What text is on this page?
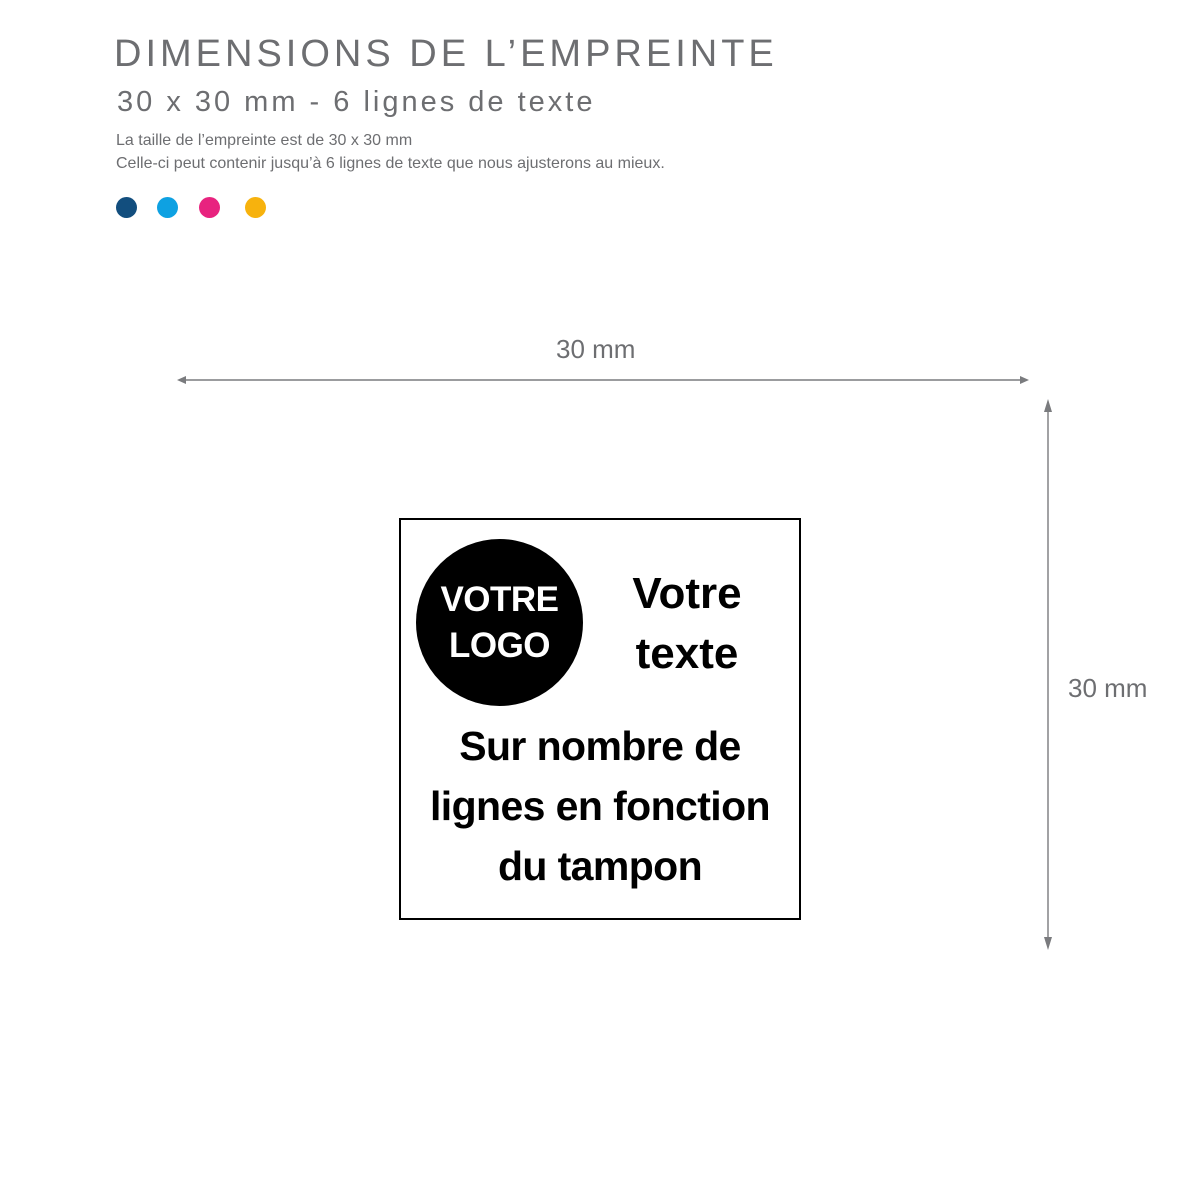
DIMENSIONS DE L’EMPREINTE
30 x 30 mm - 6 lignes de texte
La taille de l’empreinte est de 30 x 30 mm
Celle-ci peut contenir jusqu’à 6 lignes de texte que nous ajusterons au mieux.
30 mm
30 mm
VOTRE
LOGO
Votre
texte
Sur nombre de
lignes en fonction
du tampon
